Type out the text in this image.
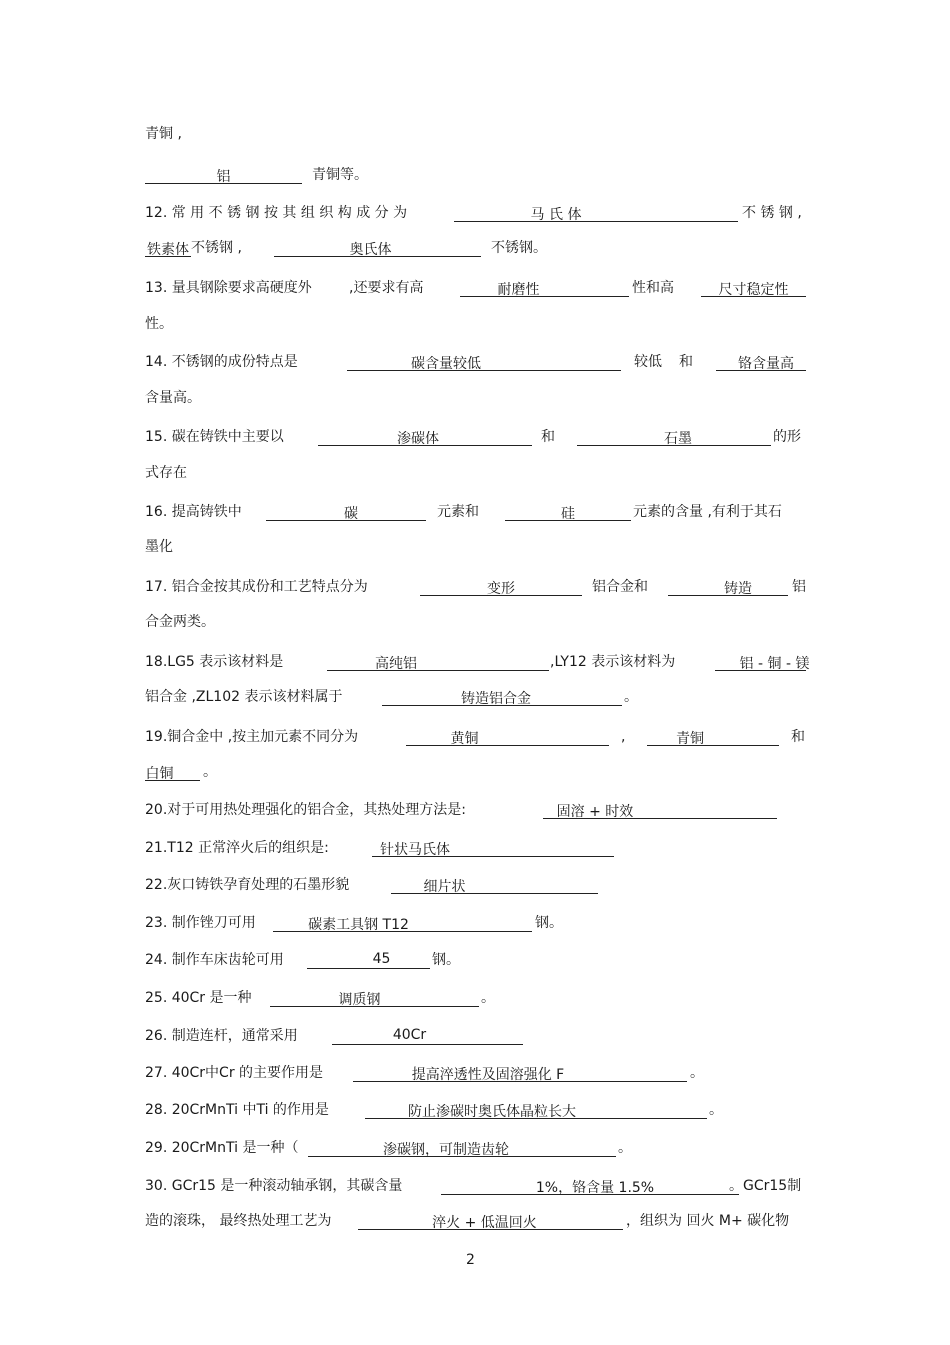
青铜 ,
铝	青铜等。
12. 常 用 不 锈 钢 按 其 组 织 构 成 分 为	马 氏 体	不 锈 钢 ,
铁素体 不锈钢 ,	奥氏体	不锈钢。
13. 量具钢除要求高硬度外	,还要求有高	耐磨性	性和高	尺寸稳定性
性。
14. 不锈钢的成份特点是	碳含量较低	较低 和	铬含量高
含量高。
15. 碳在铸铁中主要以	渗碳体	和	石墨	的形
式存在
16. 提高铸铁中	碳	元素和	硅	元素的含量 ,有利于其石
墨化
17. 铝合金按其成份和工艺特点分为	变形	铝合金和	铸造	铝
合金两类。
18.LG5 表示该材料是	高纯铝	,LY12 表示该材料为	铝 - 铜 - 镁
铝合金 ,ZL102 表示该材料属于	铸造铝合金	。
19.铜合金中 ,按主加元素不同分为	黄铜	,	青铜	和
白铜	。
20.对于可用热处理强化的铝合金，其热处理方法是:	固溶 + 时效
21.T12 正常淬火后的组织是:	针状马氏体
22.灰口铸铁孕育处理的石墨形貌	细片状
23. 制作锉刀可用	碳素工具钢 T12	钢。
24. 制作车床齿轮可用	45	钢。
25. 40Cr 是一种	调质钢	。
26. 制造连杆，通常采用	40Cr
27. 40Cr中Cr 的主要作用是	提高淬透性及固溶强化 F	。
28. 20CrMnTi 中Ti 的作用是	防止渗碳时奥氏体晶粒长大	。
29. 20CrMnTi 是一种（	渗碳钢，可制造齿轮	。
30. GCr15 是一种滚动轴承钢，其碳含量	1%，铬含量 1.5%	。GCr15制
造的滚珠， 最终热处理工艺为	淬火 + 低温回火	，组织为 回火 M+ 碳化物
2
